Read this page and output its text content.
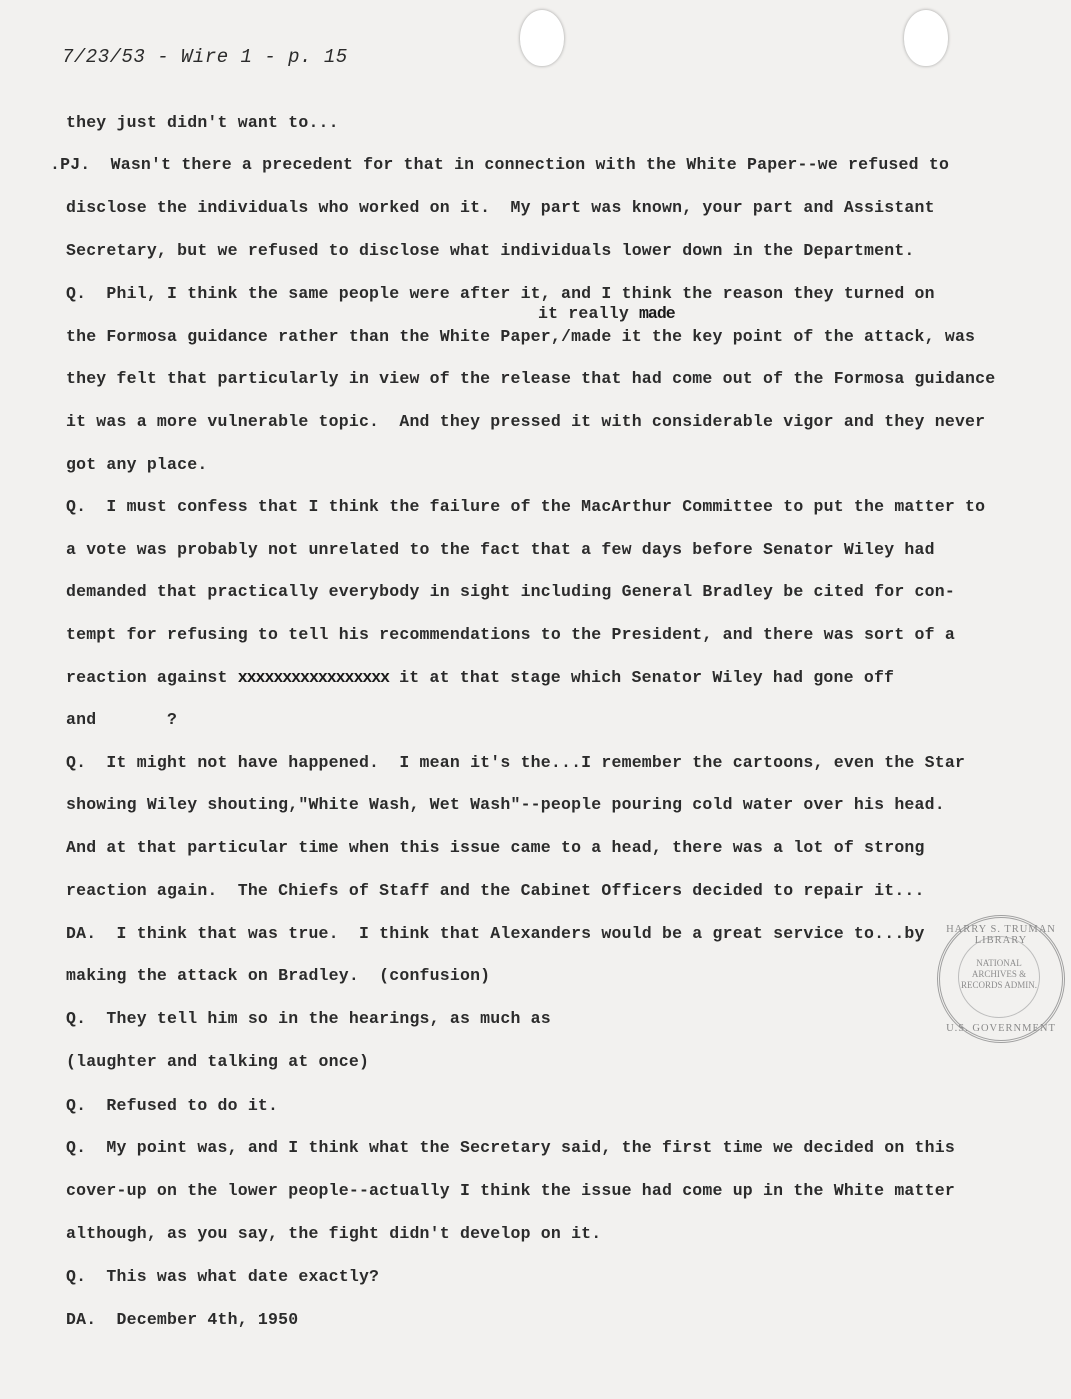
7/23/53 - Wire 1 - p. 15
they just didn't want to...
.PJ.  Wasn't there a precedent for that in connection with the White Paper--we refused to
disclose the individuals who worked on it.  My part was known, your part and Assistant
Secretary, but we refused to disclose what individuals lower down in the Department.
Q.  Phil, I think the same people were after it, and I think the reason they turned on
it really made
the Formosa guidance rather than the White Paper,/made it the key point of the attack, was
they felt that particularly in view of the release that had come out of the Formosa guidance
it was a more vulnerable topic.  And they pressed it with considerable vigor and they never
got any place.
Q.  I must confess that I think the failure of the MacArthur Committee to put the matter to
a vote was probably not unrelated to the fact that a few days before Senator Wiley had
demanded that practically everybody in sight including General Bradley be cited for con-
tempt for refusing to tell his recommendations to the President, and there was sort of a
reaction against xxxxxxxxxxxxxxxxx it at that stage which Senator Wiley had gone off
and       ?
Q.  It might not have happened.  I mean it's the...I remember the cartoons, even the Star
showing Wiley shouting,"White Wash, Wet Wash"--people pouring cold water over his head.
And at that particular time when this issue came to a head, there was a lot of strong
reaction again.  The Chiefs of Staff and the Cabinet Officers decided to repair it...
DA.  I think that was true.  I think that Alexanders would be a great service to...by
making the attack on Bradley.  (confusion)
Q.  They tell him so in the hearings, as much as
(laughter and talking at once)
Q.  Refused to do it.
Q.  My point was, and I think what the Secretary said, the first time we decided on this
cover-up on the lower people--actually I think the issue had come up in the White matter
although, as you say, the fight didn't develop on it.
Q.  This was what date exactly?
DA.  December 4th, 1950
HARRY S. TRUMAN LIBRARY
NATIONAL ARCHIVES & RECORDS ADMIN.
U.S. GOVERNMENT
